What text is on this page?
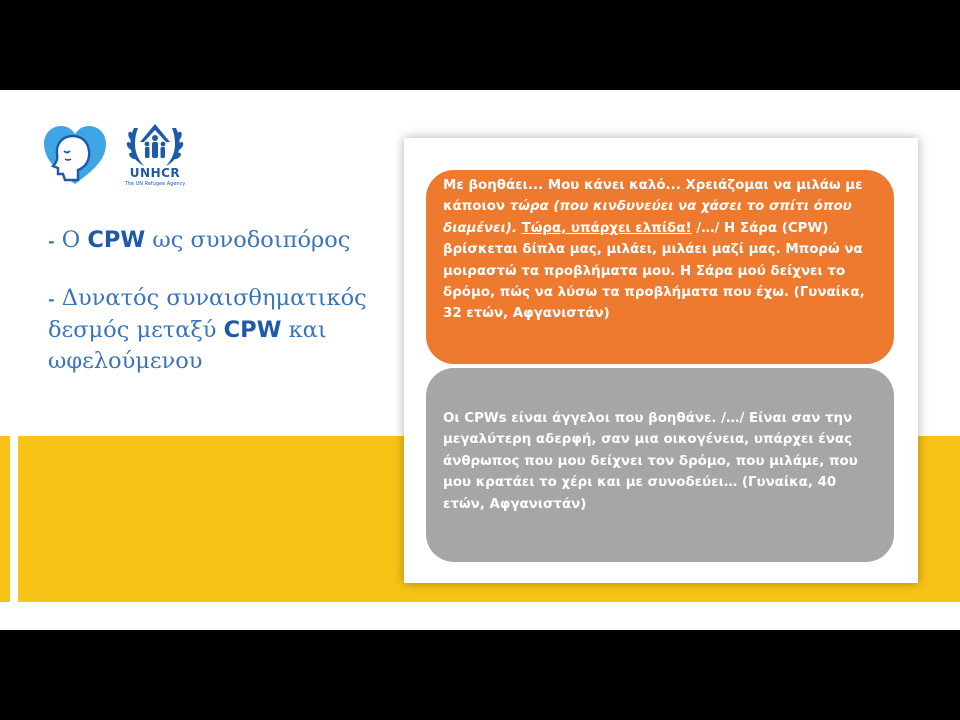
UNHCR
The UN Refugee Agency

- Ο CPW ως συνοδοιπόρος

- Δυνατός συναισθηματικός δεσμός μεταξύ CPW και ωφελούμενου

Με βοηθάει... Μου κάνει καλό... Χρειάζομαι να μιλάω με κάποιον τώρα (που κινδυνεύει να χάσει το σπίτι όπου διαμένει). Τώρα, υπάρχει ελπίδα! /…/ Η Σάρα (CPW) βρίσκεται δίπλα μας, μιλάει, μιλάει μαζί μας. Μπορώ να μοιραστώ τα προβλήματα μου. Η Σάρα μού δείχνει το δρόμο, πώς να λύσω τα προβλήματα που έχω. (Γυναίκα, 32 ετών, Αφγανιστάν)
Οι CPWs είναι άγγελοι που βοηθάνε. /…/ Είναι σαν την μεγαλύτερη αδερφή, σαν μια οικογένεια, υπάρχει ένας άνθρωπος που μου δείχνει τον δρόμο, που μιλάμε, που μου κρατάει το χέρι και με συνοδεύει… (Γυναίκα, 40 ετών, Αφγανιστάν)
